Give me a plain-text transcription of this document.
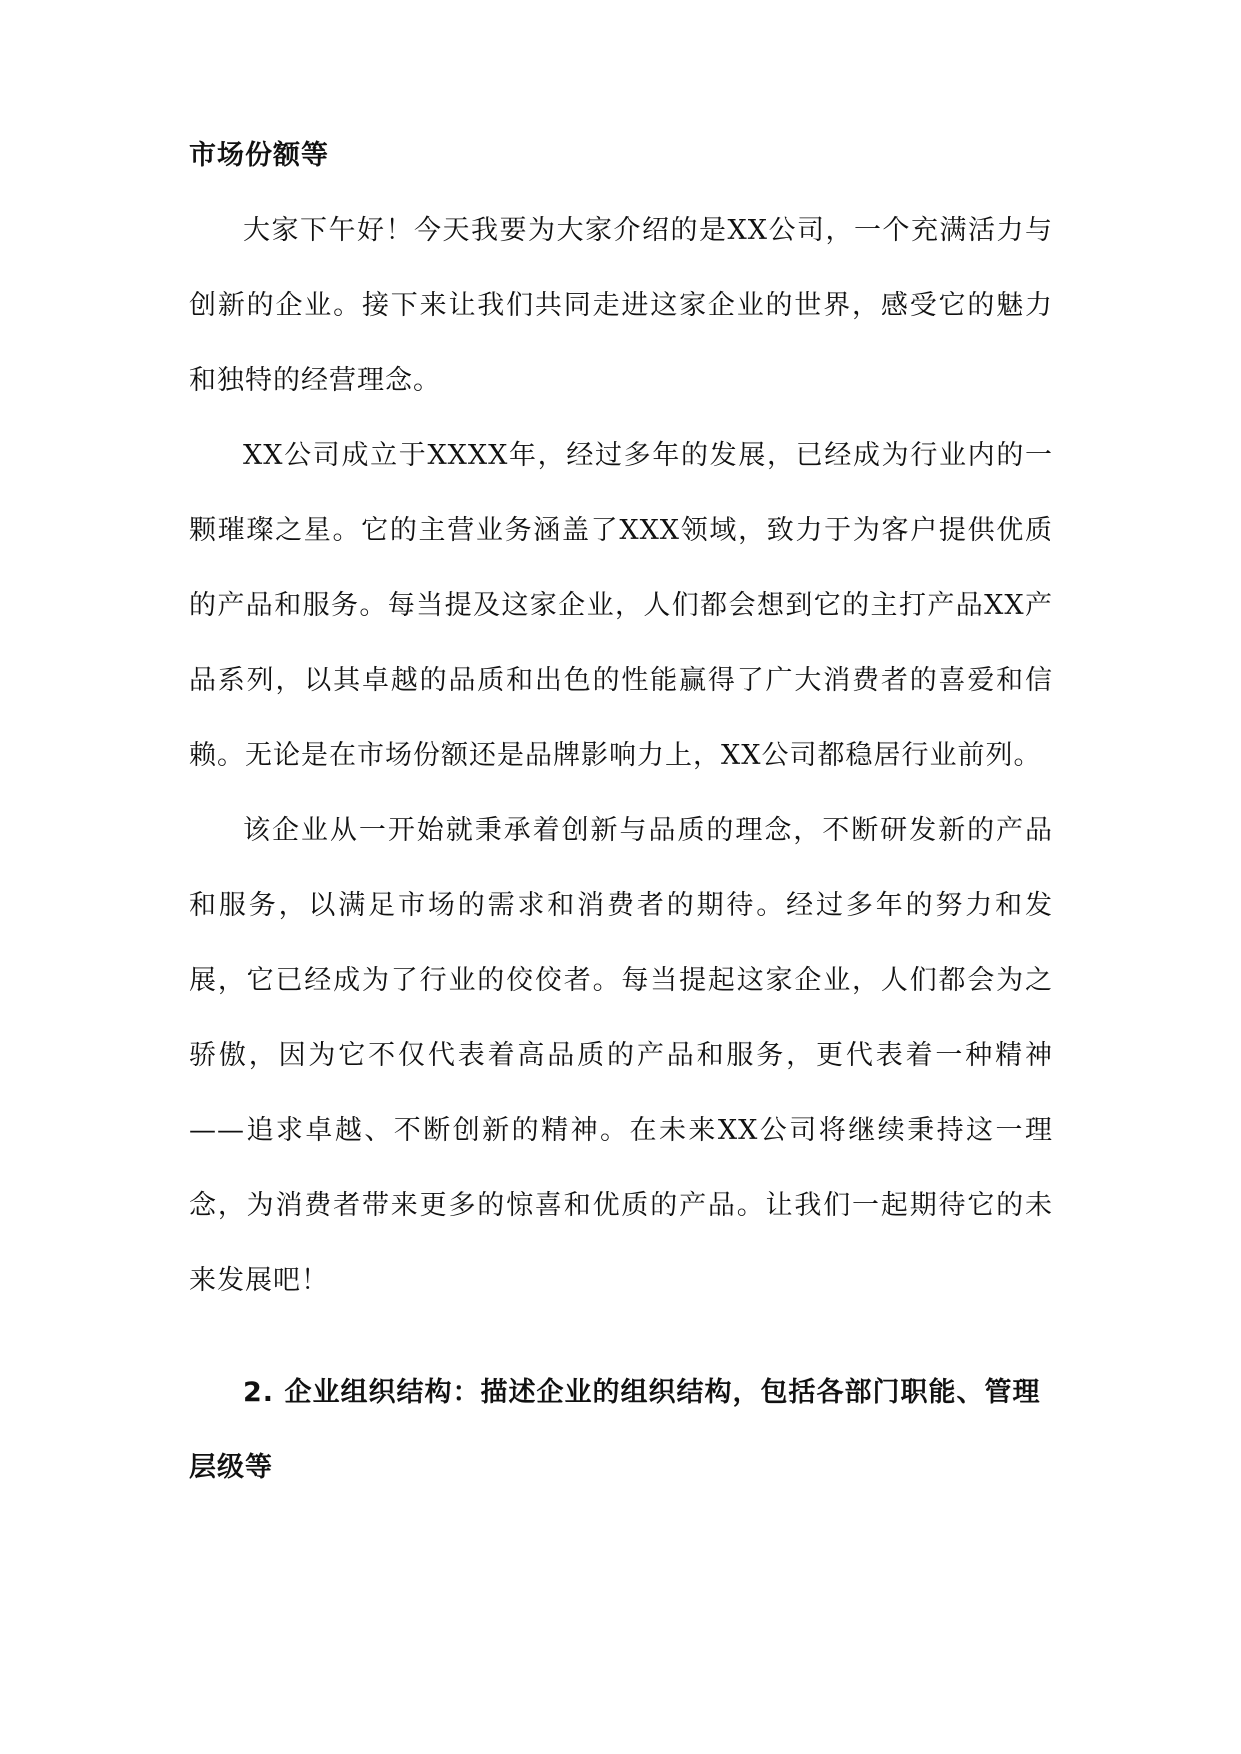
市场份额等

大家下午好！今天我要为大家介绍的是XX公司，一个充满活力与创新的企业。接下来让我们共同走进这家企业的世界，感受它的魅力和独特的经营理念。

XX公司成立于XXXX年，经过多年的发展，已经成为行业内的一颗璀璨之星。它的主营业务涵盖了XXX领域，致力于为客户提供优质的产品和服务。每当提及这家企业，人们都会想到它的主打产品XX产品系列，以其卓越的品质和出色的性能赢得了广大消费者的喜爱和信赖。无论是在市场份额还是品牌影响力上，XX公司都稳居行业前列。

该企业从一开始就秉承着创新与品质的理念，不断研发新的产品和服务，以满足市场的需求和消费者的期待。经过多年的努力和发展，它已经成为了行业的佼佼者。每当提起这家企业，人们都会为之骄傲，因为它不仅代表着高品质的产品和服务，更代表着一种精神——追求卓越、不断创新的精神。在未来XX公司将继续秉持这一理念，为消费者带来更多的惊喜和优质的产品。让我们一起期待它的未来发展吧！

2. 企业组织结构：描述企业的组织结构，包括各部门职能、管理层级等
